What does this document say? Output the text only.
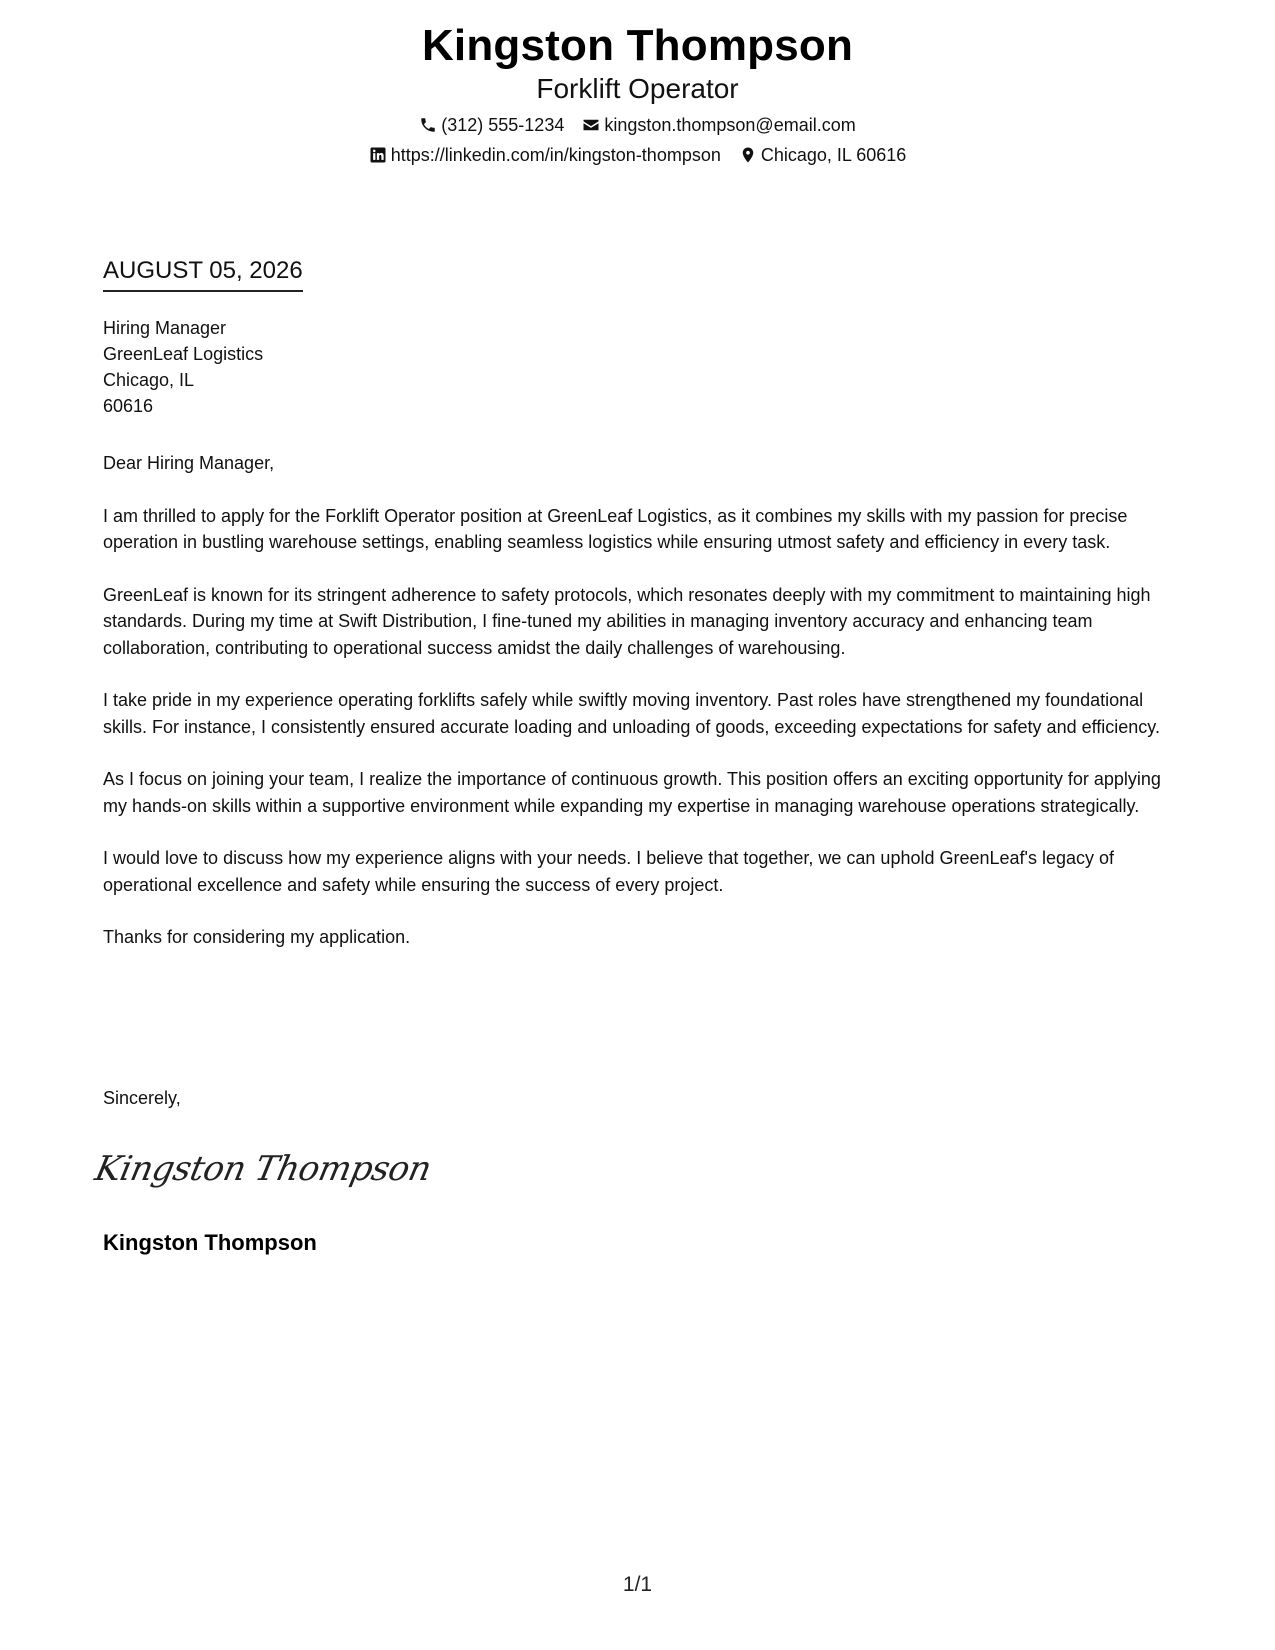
Kingston Thompson
Forklift Operator
(312) 555-1234 kingston.thompson@email.com
https://linkedin.com/in/kingston-thompson Chicago, IL 60616
AUGUST 05, 2026
Hiring Manager
GreenLeaf Logistics
Chicago, IL
60616

Dear Hiring Manager,

I am thrilled to apply for the Forklift Operator position at GreenLeaf Logistics, as it combines my skills with my passion for precise operation in bustling warehouse settings, enabling seamless logistics while ensuring utmost safety and efficiency in every task.

GreenLeaf is known for its stringent adherence to safety protocols, which resonates deeply with my commitment to maintaining high standards. During my time at Swift Distribution, I fine-tuned my abilities in managing inventory accuracy and enhancing team collaboration, contributing to operational success amidst the daily challenges of warehousing.

I take pride in my experience operating forklifts safely while swiftly moving inventory. Past roles have strengthened my foundational skills. For instance, I consistently ensured accurate loading and unloading of goods, exceeding expectations for safety and efficiency.

As I focus on joining your team, I realize the importance of continuous growth. This position offers an exciting opportunity for applying my hands-on skills within a supportive environment while expanding my expertise in managing warehouse operations strategically.

I would love to discuss how my experience aligns with your needs. I believe that together, we can uphold GreenLeaf's legacy of operational excellence and safety while ensuring the success of every project.

Thanks for considering my application.

Sincerely,
Kingston Thompson
Kingston Thompson
1/1
